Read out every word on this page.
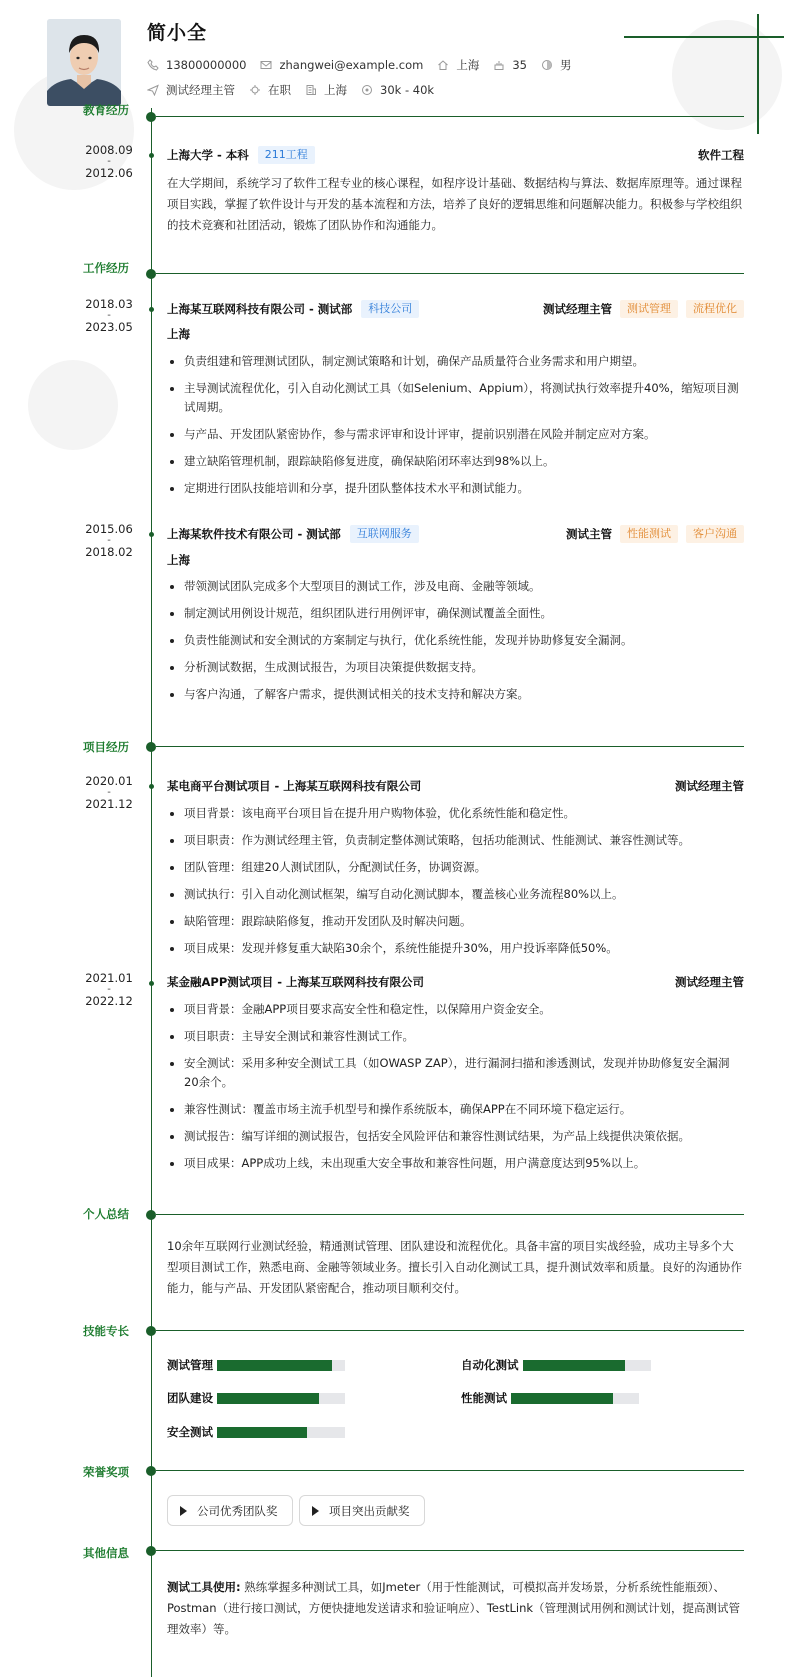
简小全
13800000000	zhangwei@example.com	上海	35	男
测试经理主管	在职	上海	30k - 40k
教育经历
2008.09
-
2012.06
上海大学 - 本科	211工程	软件工程
在大学期间，系统学习了软件工程专业的核心课程，如程序设计基础、数据结构与算法、数据库原理等。通过课程项目实践，掌握了软件设计与开发的基本流程和方法，培养了良好的逻辑思维和问题解决能力。积极参与学校组织的技术竞赛和社团活动，锻炼了团队协作和沟通能力。
工作经历
2018.03
-
2023.05
上海某互联网科技有限公司 - 测试部	科技公司	测试经理主管	测试管理	流程优化
上海
负责组建和管理测试团队，制定测试策略和计划，确保产品质量符合业务需求和用户期望。
主导测试流程优化，引入自动化测试工具（如Selenium、Appium），将测试执行效率提升40%，缩短项目测试周期。
与产品、开发团队紧密协作，参与需求评审和设计评审，提前识别潜在风险并制定应对方案。
建立缺陷管理机制，跟踪缺陷修复进度，确保缺陷闭环率达到98%以上。
定期进行团队技能培训和分享，提升团队整体技术水平和测试能力。
2015.06
-
2018.02
上海某软件技术有限公司 - 测试部	互联网服务	测试主管	性能测试	客户沟通
上海
带领测试团队完成多个大型项目的测试工作，涉及电商、金融等领域。
制定测试用例设计规范，组织团队进行用例评审，确保测试覆盖全面性。
负责性能测试和安全测试的方案制定与执行，优化系统性能，发现并协助修复安全漏洞。
分析测试数据，生成测试报告，为项目决策提供数据支持。
与客户沟通，了解客户需求，提供测试相关的技术支持和解决方案。
项目经历
2020.01
-
2021.12
某电商平台测试项目 - 上海某互联网科技有限公司	测试经理主管
项目背景：该电商平台项目旨在提升用户购物体验，优化系统性能和稳定性。
项目职责：作为测试经理主管，负责制定整体测试策略，包括功能测试、性能测试、兼容性测试等。
团队管理：组建20人测试团队，分配测试任务，协调资源。
测试执行：引入自动化测试框架，编写自动化测试脚本，覆盖核心业务流程80%以上。
缺陷管理：跟踪缺陷修复，推动开发团队及时解决问题。
项目成果：发现并修复重大缺陷30余个，系统性能提升30%，用户投诉率降低50%。
2021.01
-
2022.12
某金融APP测试项目 - 上海某互联网科技有限公司	测试经理主管
项目背景：金融APP项目要求高安全性和稳定性，以保障用户资金安全。
项目职责：主导安全测试和兼容性测试工作。
安全测试：采用多种安全测试工具（如OWASP ZAP），进行漏洞扫描和渗透测试，发现并协助修复安全漏洞20余个。
兼容性测试：覆盖市场主流手机型号和操作系统版本，确保APP在不同环境下稳定运行。
测试报告：编写详细的测试报告，包括安全风险评估和兼容性测试结果，为产品上线提供决策依据。
项目成果：APP成功上线，未出现重大安全事故和兼容性问题，用户满意度达到95%以上。
个人总结
10余年互联网行业测试经验，精通测试管理、团队建设和流程优化。具备丰富的项目实战经验，成功主导多个大型项目测试工作，熟悉电商、金融等领域业务。擅长引入自动化测试工具，提升测试效率和质量。良好的沟通协作能力，能与产品、开发团队紧密配合，推动项目顺利交付。
技能专长
测试管理	自动化测试
团队建设	性能测试
安全测试
荣誉奖项
公司优秀团队奖	项目突出贡献奖
其他信息
测试工具使用: 熟练掌握多种测试工具，如Jmeter（用于性能测试，可模拟高并发场景，分析系统性能瓶颈）、Postman（进行接口测试，方便快捷地发送请求和验证响应）、TestLink（管理测试用例和测试计划，提高测试管理效率）等。
